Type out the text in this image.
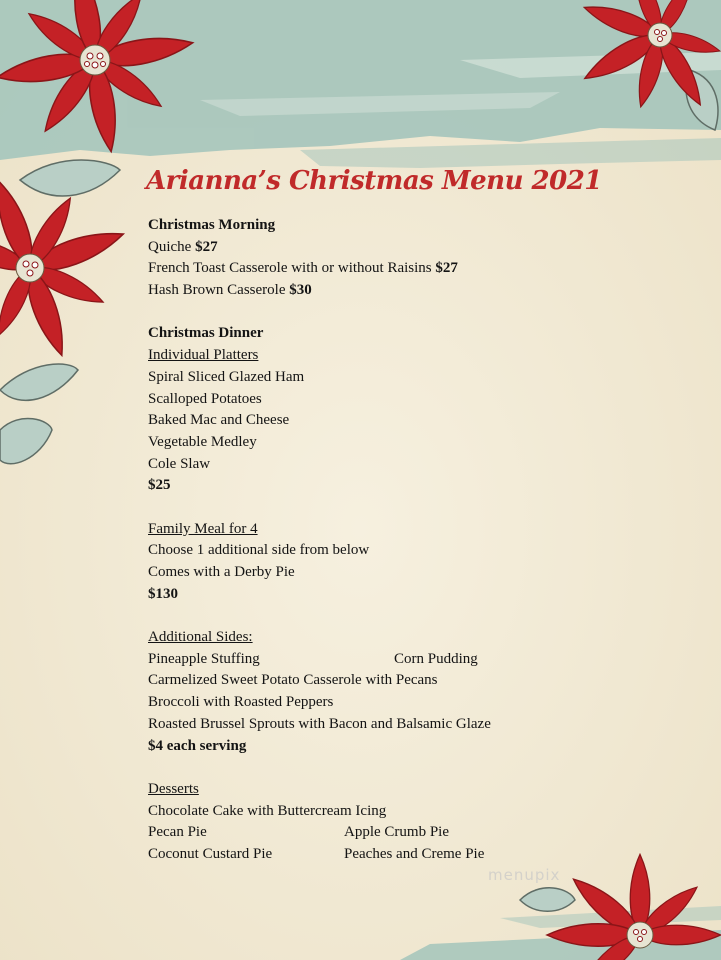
Arianna’s Christmas Menu 2021
Christmas Morning
Quiche $27
French Toast Casserole with or without Raisins $27
Hash Brown Casserole $30
Christmas Dinner
Individual Platters
Spiral Sliced Glazed Ham
Scalloped Potatoes
Baked Mac and Cheese
Vegetable Medley
Cole Slaw
$25
Family Meal for 4
Choose 1 additional side from below
Comes with a Derby Pie
$130
Additional Sides:
Pineapple Stuffing	Corn Pudding
Carmelized Sweet Potato Casserole with Pecans
Broccoli with Roasted Peppers
Roasted Brussel Sprouts with Bacon and Balsamic Glaze
$4 each serving
Desserts
Chocolate Cake with Buttercream Icing
Pecan Pie	Apple Crumb Pie
Coconut Custard Pie	Peaches and Creme Pie
menupix
